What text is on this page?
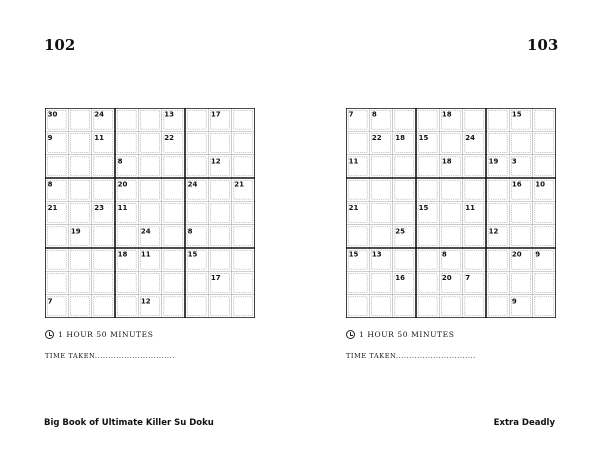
102	103
30	24	13	17
9	11	22
8	12
8	20	24	21
21	23 11
19	24	8
18 11	15
17
7	12
7	8	18	15
22 18 15	24
11	18	19 3
16 10
21	15	11
25	12
15 13	8	20 9
16	20 7
9
1 HOUR 50 MINUTES	1 HOUR 50 MINUTES
TIME TAKEN..............................	TIME TAKEN..............................
Big Book of Ultimate Killer Su Doku	Extra Deadly
